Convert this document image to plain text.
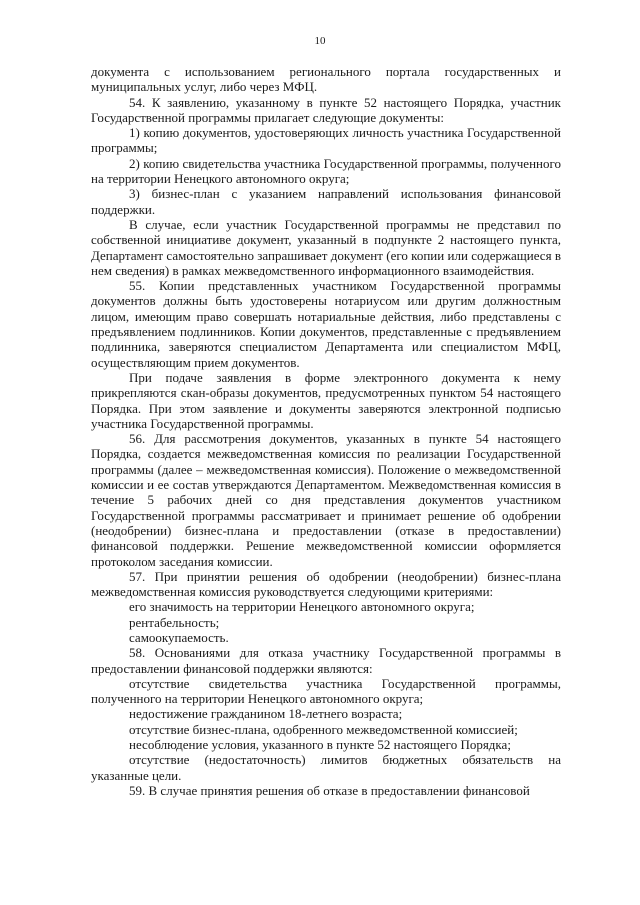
10

документа с использованием регионального портала государственных и муниципальных услуг, либо через МФЦ.

54. К заявлению, указанному в пункте 52 настоящего Порядка, участник Государственной программы прилагает следующие документы:

1) копию документов, удостоверяющих личность участника Государственной программы;

2) копию свидетельства участника Государственной программы, полученного на территории Ненецкого автономного округа;

3) бизнес-план с указанием направлений использования финансовой поддержки.

В случае, если участник Государственной программы не представил по собственной инициативе документ, указанный в подпункте 2 настоящего пункта, Департамент самостоятельно запрашивает документ (его копии или содержащиеся в нем сведения) в рамках межведомственного информационного взаимодействия.

55. Копии представленных участником Государственной программы документов должны быть удостоверены нотариусом или другим должностным лицом, имеющим право совершать нотариальные действия, либо представлены с предъявлением подлинников. Копии документов, представленные с предъявлением подлинника, заверяются специалистом Департамента или специалистом МФЦ, осуществляющим прием документов.

При подаче заявления в форме электронного документа к нему прикрепляются скан-образы документов, предусмотренных пунктом 54 настоящего Порядка. При этом заявление и документы заверяются электронной подписью участника Государственной программы.

56. Для рассмотрения документов, указанных в пункте 54 настоящего Порядка, создается межведомственная комиссия по реализации Государственной программы (далее – межведомственная комиссия). Положение о межведомственной комиссии и ее состав утверждаются Департаментом. Межведомственная комиссия в течение 5 рабочих дней со дня представления документов участником Государственной программы рассматривает и принимает решение об одобрении (неодобрении) бизнес-плана и предоставлении (отказе в предоставлении) финансовой поддержки. Решение межведомственной комиссии оформляется протоколом заседания комиссии.

57. При принятии решения об одобрении (неодобрении) бизнес-плана межведомственная комиссия руководствуется следующими критериями:

его значимость на территории Ненецкого автономного округа;

рентабельность;

самоокупаемость.

58. Основаниями для отказа участнику Государственной программы в предоставлении финансовой поддержки являются:

отсутствие свидетельства участника Государственной программы, полученного на территории Ненецкого автономного округа;

недостижение гражданином 18-летнего возраста;

отсутствие бизнес-плана, одобренного межведомственной комиссией;

несоблюдение условия, указанного в пункте 52 настоящего Порядка;

отсутствие (недостаточность) лимитов бюджетных обязательств на указанные цели.

59. В случае принятия решения об отказе в предоставлении финансовой
